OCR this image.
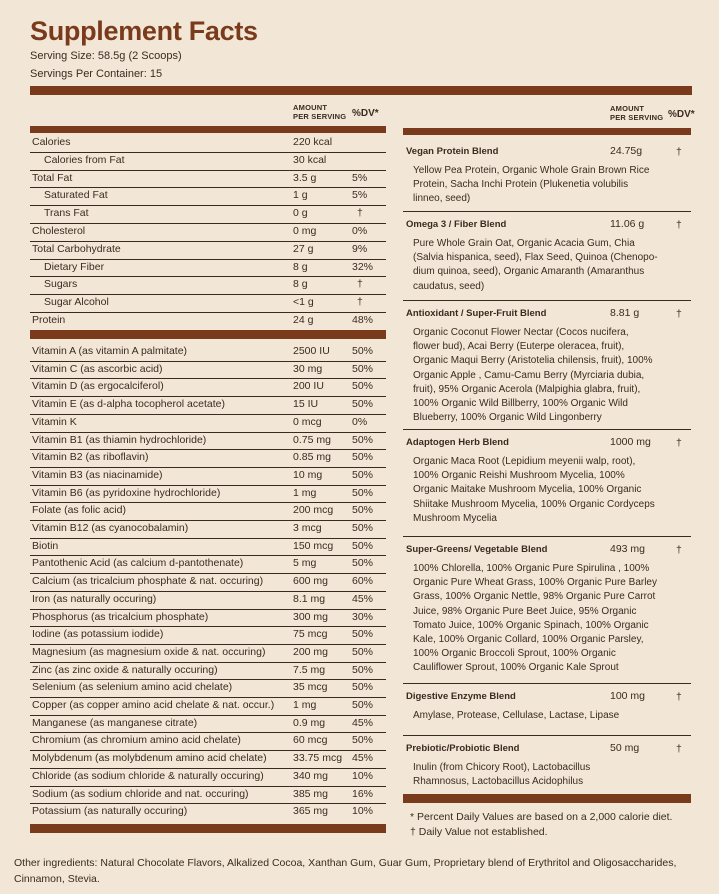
Supplement Facts
Serving Size: 58.5g (2 Scoops)
Servings Per Container: 15
AMOUNT
PER SERVING %DV*
Calories	220 kcal
Calories from Fat	30 kcal
Total Fat	3.5 g	5%
Saturated Fat	1 g	5%
Trans Fat	0 g	†
Cholesterol	0 mg	0%
Total Carbohydrate	27 g	9%
Dietary Fiber	8 g	32%
Sugars	8 g	†
Sugar Alcohol	<1 g	†
Protein	24 g	48%
Vitamin A (as vitamin A palmitate)	2500 IU 50%
Vitamin C (as ascorbic acid)	30 mg	50%
Vitamin D (as ergocalciferol)	200 IU	50%
Vitamin E (as d-alpha tocopherol acetate)	15 IU	50%
Vitamin K	0 mcg	0%
Vitamin B1 (as thiamin hydrochloride)	0.75 mg 50%
Vitamin B2 (as riboflavin)	0.85 mg 50%
Vitamin B3 (as niacinamide)	10 mg	50%
Vitamin B6 (as pyridoxine hydrochloride)	1 mg	50%
Folate (as folic acid)	200 mcg 50%
Vitamin B12 (as cyanocobalamin)	3 mcg	50%
Biotin	150 mcg 50%
Pantothenic Acid (as calcium d-pantothenate)	5 mg	50%
Calcium (as tricalcium phosphate & nat. occuring)	600 mg 60%
Iron (as naturally occuring)	8.1 mg	45%
Phosphorus (as tricalcium phosphate)	300 mg 30%
Iodine (as potassium iodide)	75 mcg 50%
Magnesium (as magnesium oxide & nat. occuring)	200 mg 50%
Zinc (as zinc oxide & naturally occuring)	7.5 mg	50%
Selenium (as selenium amino acid chelate)	35 mcg 50%
Copper (as copper amino acid chelate & nat. occur.) 1 mg	50%
Manganese (as manganese citrate)	0.9 mg	45%
Chromium (as chromium amino acid chelate)	60 mcg 50%
Molybdenum (as molybdenum amino acid chelate)	33.75 mcg 45%
Chloride (as sodium chloride & naturally occuring)	340 mg 10%
Sodium (as sodium chloride and nat. occuring)	385 mg 16%
Potassium (as naturally occuring)	365 mg 10%
AMOUNT
PER SERVING %DV*
Vegan Protein Blend	24.75g	†
Yellow Pea Protein, Organic Whole Grain Brown Rice
Protein, Sacha Inchi Protein (Plukenetia volubilis
linneo, seed)
Omega 3 / Fiber Blend	11.06 g	†
Pure Whole Grain Oat, Organic Acacia Gum, Chia
(Salvia hispanica, seed), Flax Seed, Quinoa (Chenopo-
dium quinoa, seed), Organic Amaranth (Amaranthus
caudatus, seed)
Antioxidant / Super-Fruit Blend	8.81 g	†
Organic Coconut Flower Nectar (Cocos nucifera,
flower bud), Acai Berry (Euterpe oleracea, fruit),
Organic Maqui Berry (Aristotelia chilensis, fruit), 100%
Organic Apple , Camu-Camu Berry (Myrciaria dubia,
fruit), 95% Organic Acerola (Malpighia glabra, fruit),
100% Organic Wild Billberry, 100% Organic Wild
Blueberry, 100% Organic Wild Lingonberry
Adaptogen Herb Blend	1000 mg †
Organic Maca Root (Lepidium meyenii walp, root),
100% Organic Reishi Mushroom Mycelia, 100%
Organic Maitake Mushroom Mycelia, 100% Organic
Shiitake Mushroom Mycelia, 100% Organic Cordyceps
Mushroom Mycelia
Super-Greens/ Vegetable Blend	493 mg	†
100% Chlorella, 100% Organic Pure Spirulina , 100%
Organic Pure Wheat Grass, 100% Organic Pure Barley
Grass, 100% Organic Nettle, 98% Organic Pure Carrot
Juice, 98% Organic Pure Beet Juice, 95% Organic
Tomato Juice, 100% Organic Spinach, 100% Organic
Kale, 100% Organic Collard, 100% Organic Parsley,
100% Organic Broccoli Sprout, 100% Organic
Cauliflower Sprout, 100% Organic Kale Sprout
Digestive Enzyme Blend	100 mg	†
Amylase, Protease, Cellulase, Lactase, Lipase
Prebiotic/Probiotic Blend	50 mg	†
Inulin (from Chicory Root), Lactobacillus
Rhamnosus, Lactobacillus Acidophilus
* Percent Daily Values are based on a 2,000 calorie diet.
† Daily Value not established.
Other ingredients: Natural Chocolate Flavors, Alkalized Cocoa, Xanthan Gum, Guar Gum, Proprietary blend of Erythritol and Oligosaccharides, Cinnamon, Stevia.
